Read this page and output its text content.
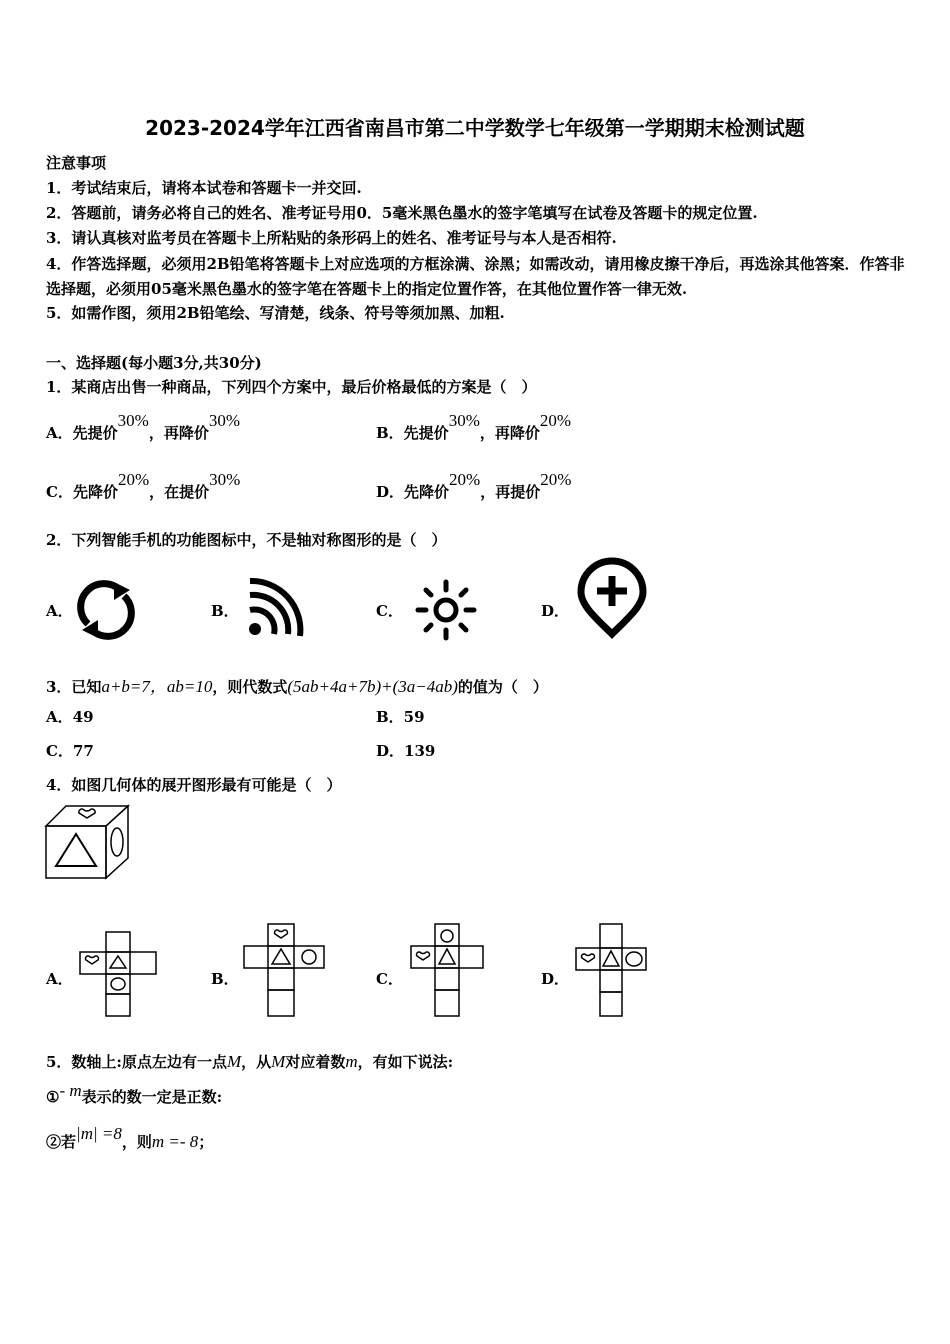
2023-2024学年江西省南昌市第二中学数学七年级第一学期期末检测试题
注意事项
1．考试结束后，请将本试卷和答题卡一并交回.
2．答题前，请务必将自己的姓名、准考证号用0．5毫米黑色墨水的签字笔填写在试卷及答题卡的规定位置.
3．请认真核对监考员在答题卡上所粘贴的条形码上的姓名、准考证号与本人是否相符.
4．作答选择题，必须用2B铅笔将答题卡上对应选项的方框涂满、涂黑；如需改动，请用橡皮擦干净后，再选涂其他答案．作答非选择题，必须用05毫米黑色墨水的签字笔在答题卡上的指定位置作答，在其他位置作答一律无效.
5．如需作图，须用2B铅笔绘、写清楚，线条、符号等须加黑、加粗.
一、选择题(每小题3分,共30分)
1．某商店出售一种商品，下列四个方案中，最后价格最低的方案是（　）
A．先提价30%，再降价30%
B．先提价30%，再降价20%
C．先降价20%，在提价30%
D．先降价20%，再提价20%
2．下列智能手机的功能图标中，不是轴对称图形的是（　）
A．	B．	C．	D．
3．已知a+b=7，ab=10，则代数式(5ab+4a+7b)+(3a−4ab)的值为（　）
A．49	B．59
C．77	D．139
4．如图几何体的展开图形最有可能是（　）
A．	B．	C．	D．
5．数轴上:原点左边有一点M，从M对应着数m，有如下说法:
①- m表示的数一定是正数:
②若|m| =8，则m =- 8；
